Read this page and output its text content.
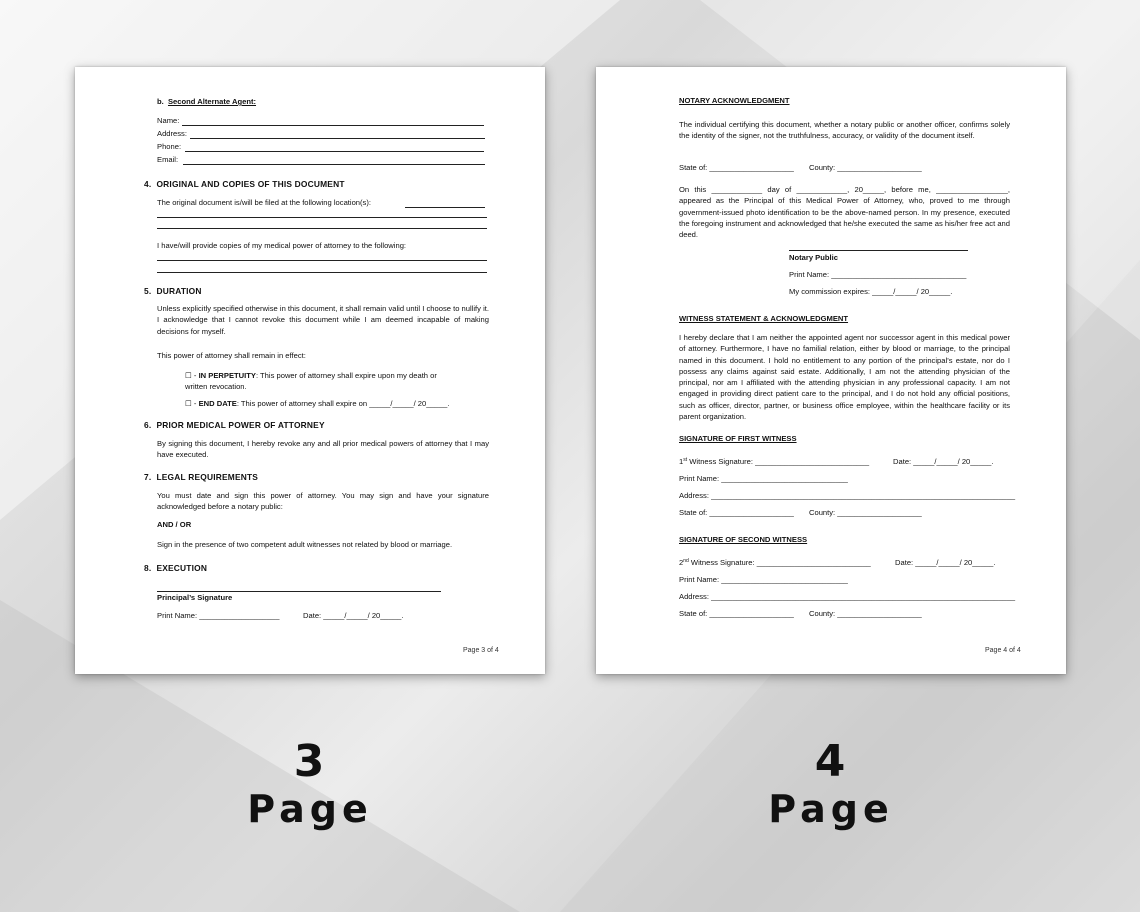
b. Second Alternate Agent:
Name:
Address:
Phone:
Email:
4. ORIGINAL AND COPIES OF THIS DOCUMENT
The original document is/will be filed at the following location(s):
I have/will provide copies of my medical power of attorney to the following:
5. DURATION
Unless explicitly specified otherwise in this document, it shall remain valid until I choose to nullify it. I acknowledge that I cannot revoke this document while I am deemed incapable of making decisions for myself.
This power of attorney shall remain in effect:
☐ - IN PERPETUITY: This power of attorney shall expire upon my death or
written revocation.
☐ - END DATE: This power of attorney shall expire on _____/_____/ 20_____.
6. PRIOR MEDICAL POWER OF ATTORNEY
By signing this document, I hereby revoke any and all prior medical powers of attorney that I may have executed.
7. LEGAL REQUIREMENTS
You must date and sign this power of attorney. You may sign and have your signature acknowledged before a notary public:
AND / OR
Sign in the presence of two competent adult witnesses not related by blood or marriage.
8. EXECUTION
Principal’s Signature
Print Name: ___________________	Date: _____/_____/ 20_____.
Page 3 of 4
NOTARY ACKNOWLEDGMENT
The individual certifying this document, whether a notary public or another officer, confirms solely the identity of the signer, not the truthfulness, accuracy, or validity of the document itself.
State of: ____________________ County: ____________________
On this ____________ day of ____________, 20_____, before me, _________________, appeared as the Principal of this Medical Power of Attorney, who, proved to me through government-issued photo identification to be the above-named person. In my presence, executed the foregoing instrument and acknowledged that he/she executed the same as his/her free act and deed.
Notary Public
Print Name: ________________________________
My commission expires: _____/_____/ 20_____.
WITNESS STATEMENT & ACKNOWLEDGMENT
I hereby declare that I am neither the appointed agent nor successor agent in this medical power of attorney. Furthermore, I have no familial relation, either by blood or marriage, to the principal named in this document. I hold no entitlement to any portion of the principal’s estate, nor do I possess any claims against said estate. Additionally, I am not the attending physician of the principal, nor am I affiliated with the attending physician in any professional capacity. I am not engaged in providing direct patient care to the principal, and I do not hold any official positions, such as officer, director, partner, or business office employee, within the healthcare facility or its parent organization.
SIGNATURE OF FIRST WITNESS
1st Witness Signature: ___________________________	Date: _____/_____/ 20_____.
Print Name: ______________________________
Address: ________________________________________________________________________
State of: ____________________ County: ____________________
SIGNATURE OF SECOND WITNESS
2nd Witness Signature: ___________________________	Date: _____/_____/ 20_____.
Print Name: ______________________________
Address: ________________________________________________________________________
State of: ____________________ County: ____________________
Page 4 of 4
3
Page
4
Page
